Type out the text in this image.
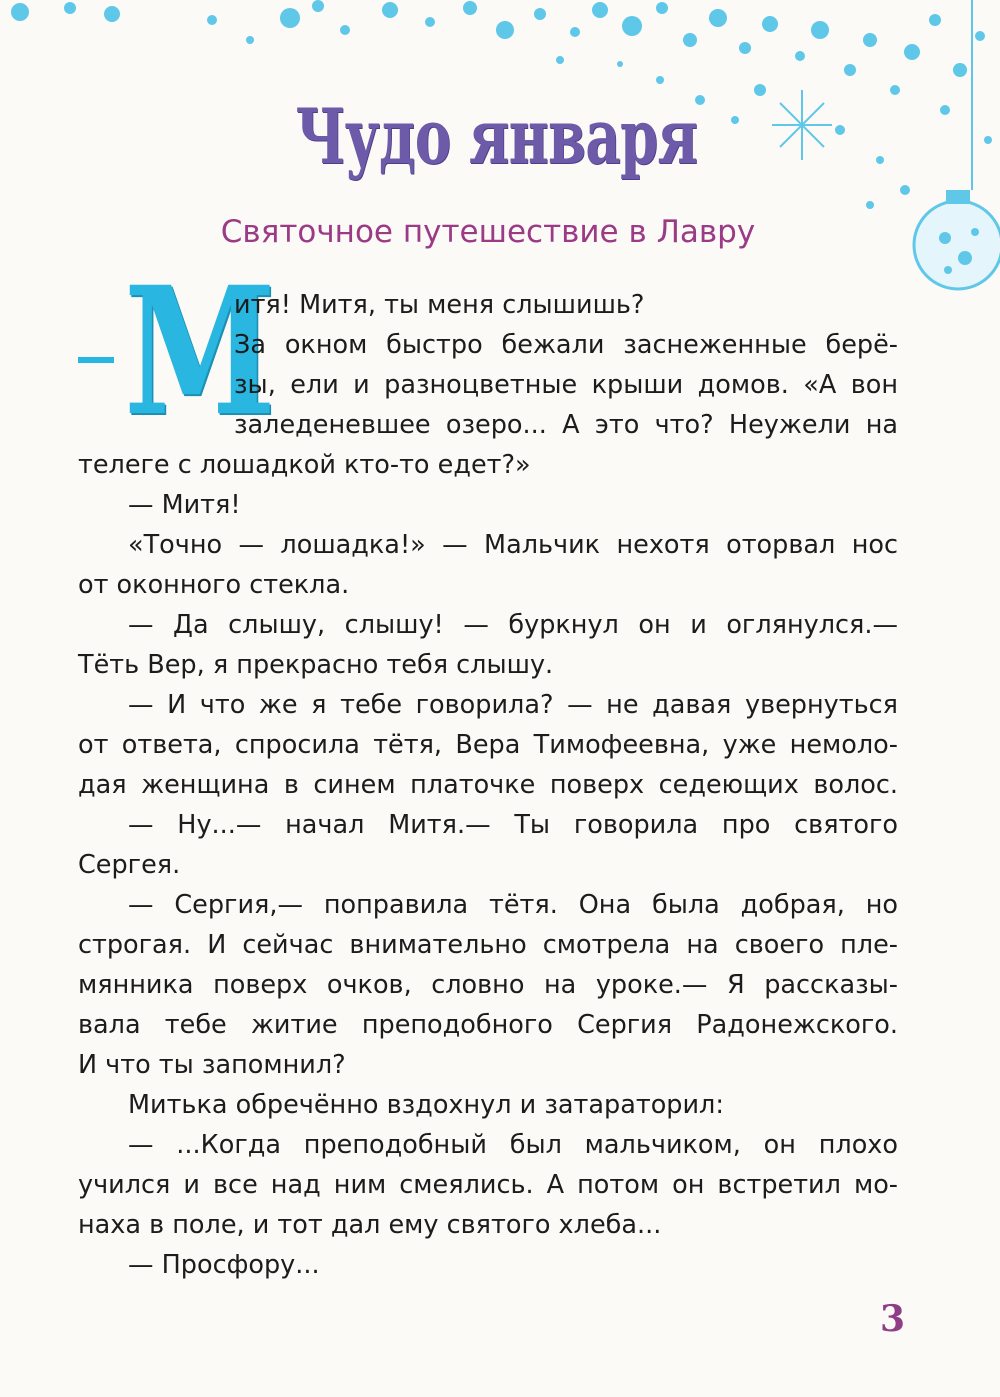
Чудо января
Святочное путешествие в Лавру
М

итя! Митя, ты меня слышишь?

За окном быстро бежали заснеженные берё-

зы, ели и разноцветные крыши домов. «А вон

заледеневшее озеро... А это что? Неужели на

телеге с лошадкой кто-то едет?»

— Митя!

«Точно — лошадка!» — Мальчик нехотя оторвал нос

от оконного стекла.

— Да слышу, слышу! — буркнул он и оглянулся.—

Тёть Вер, я прекрасно тебя слышу.

— И что же я тебе говорила? — не давая увернуться

от ответа, спросила тётя, Вера Тимофеевна, уже немоло-

дая женщина в синем платочке поверх седеющих волос.

— Ну...— начал Митя.— Ты говорила про святого

Сергея.

— Сергия,— поправила тётя. Она была добрая, но

строгая. И сейчас внимательно смотрела на своего пле-

мянника поверх очков, словно на уроке.— Я рассказы-

вала тебе житие преподобного Сергия Радонежского.

И что ты запомнил?

Митька обречённо вздохнул и затараторил:

— ...Когда преподобный был мальчиком, он плохо

учился и все над ним смеялись. А потом он встретил мо-

наха в поле, и тот дал ему святого хлеба...

— Просфору...

3
